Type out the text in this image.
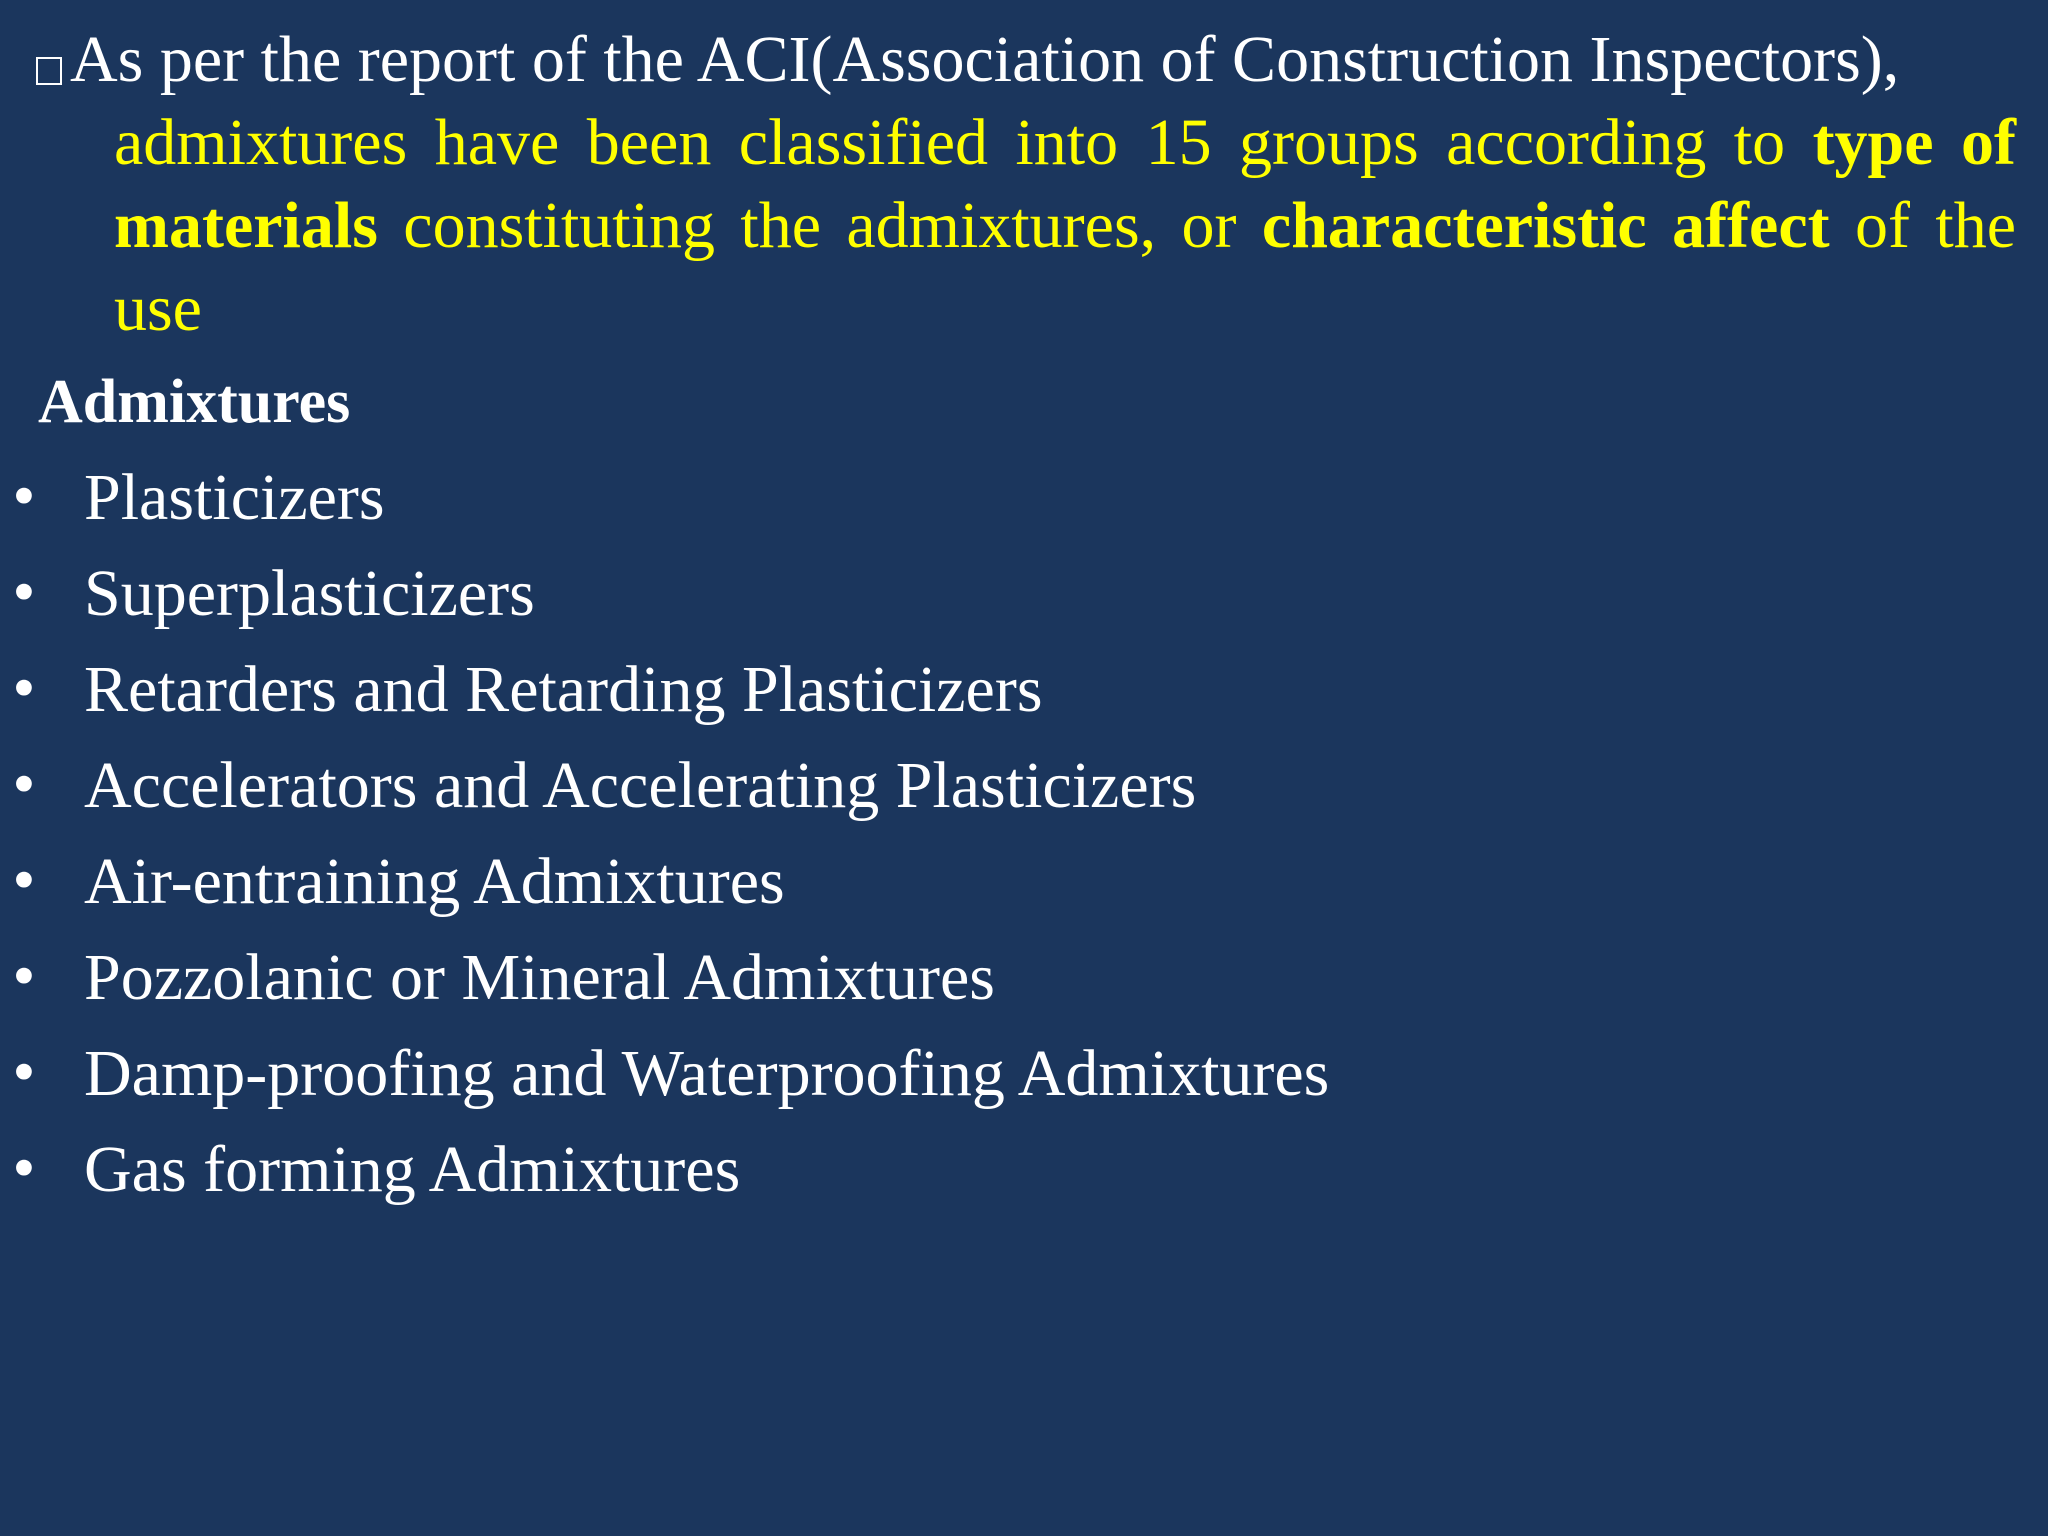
As per the report of the ACI(Association of Construction Inspectors),
admixtures have been classified into 15 groups according to type of materials constituting the admixtures, or characteristic affect of the use
Admixtures
• Plasticizers
• Superplasticizers
• Retarders and Retarding Plasticizers
• Accelerators and Accelerating Plasticizers
• Air-entraining Admixtures
• Pozzolanic or Mineral Admixtures
• Damp-proofing and Waterproofing Admixtures
• Gas forming Admixtures
